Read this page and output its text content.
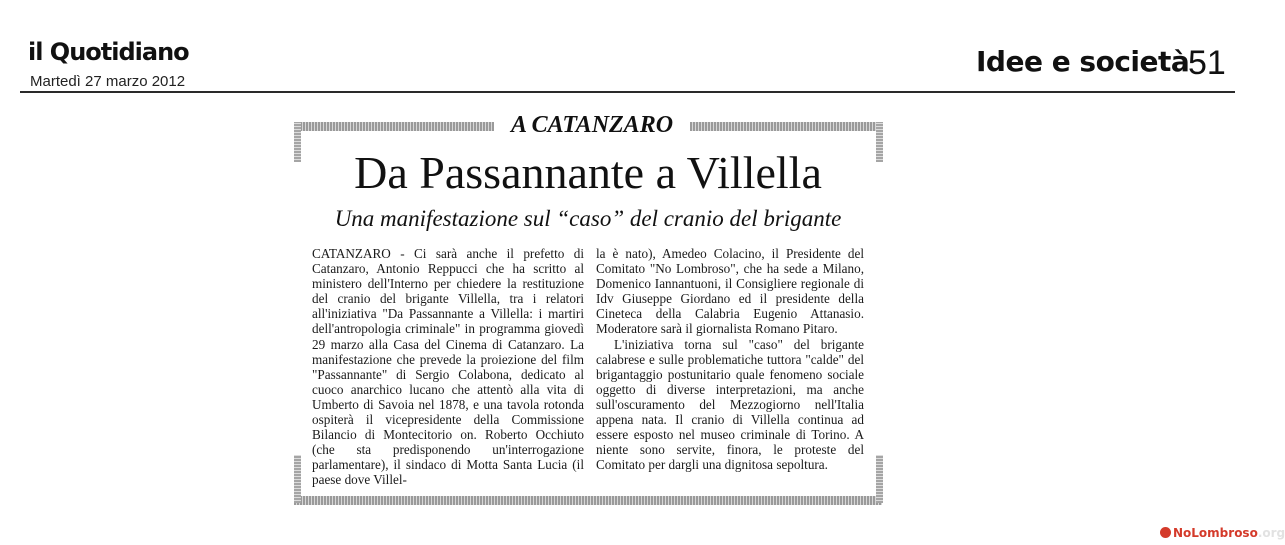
il Quotidiano
Martedì 27 marzo 2012
Idee e società
51
A CATANZARO
Da Passannante a Villella
Una manifestazione sul “caso” del cranio del brigante

CATANZARO - Ci sarà anche il prefetto di Catanzaro, Antonio Reppucci che ha scritto al ministero dell'Interno per chiedere la restituzione del cranio del brigante Villella, tra i relatori all'iniziativa "Da Passannante a Villella: i martiri dell'antropologia criminale" in programma giovedì 29 marzo alla Casa del Cinema di Catanzaro. La manifestazione che prevede la proiezione del film "Passannante" di Sergio Colabona, dedicato al cuoco anarchico lucano che attentò alla vita di Umberto di Savoia nel 1878, e una tavola rotonda ospiterà il vicepresidente della Commissione Bilancio di Montecitorio on. Roberto Occhiuto (che sta predisponendo un'interrogazione parlamentare), il sindaco di Motta Santa Lucia (il paese dove Villel-

la è nato), Amedeo Colacino, il Presidente del Comitato "No Lombroso", che ha sede a Milano, Domenico Iannantuoni, il Consigliere regionale di Idv Giuseppe Giordano ed il presidente della Cineteca della Calabria Eugenio Attanasio. Moderatore sarà il giornalista Romano Pitaro.

L'iniziativa torna sul "caso" del brigante calabrese e sulle problematiche tuttora "calde" del brigantaggio postunitario quale fenomeno sociale oggetto di diverse interpretazioni, ma anche sull'oscuramento del Mezzogiorno nell'Italia appena nata. Il cranio di Villella continua ad essere esposto nel museo criminale di Torino. A niente sono servite, finora, le proteste del Comitato per dargli una dignitosa sepoltura.

NoLombroso.org
